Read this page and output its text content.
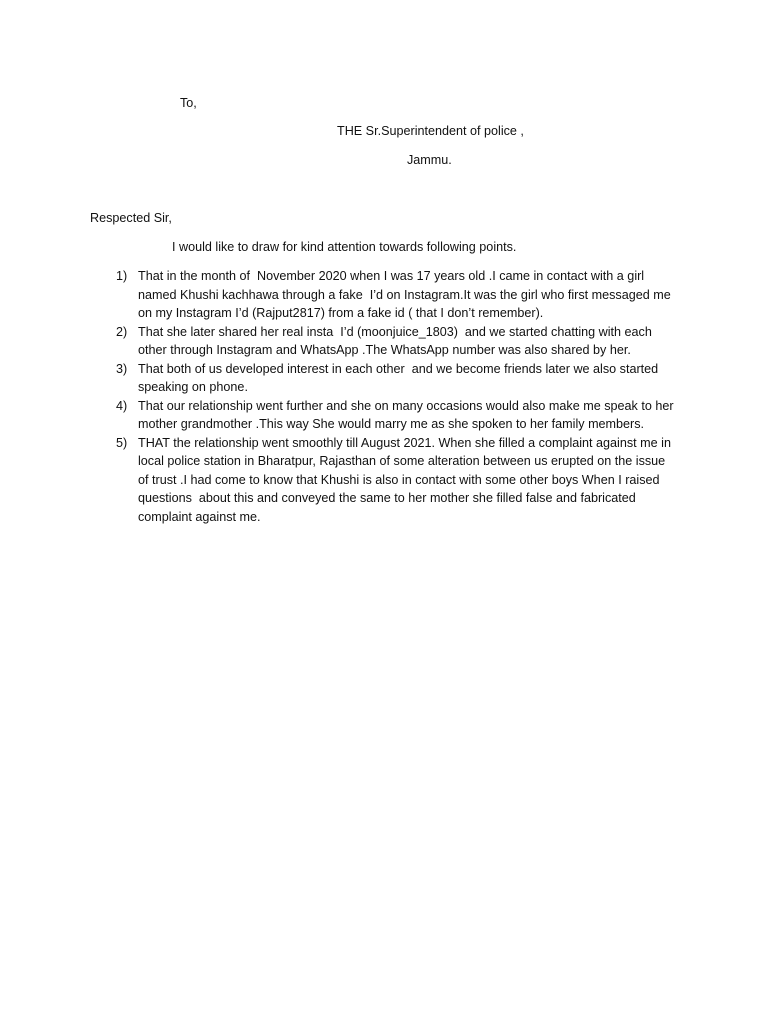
To,

THE Sr.Superintendent of police ,

Jammu.

Respected Sir,

I would like to draw for kind attention towards following points.

1) That in the month of  November 2020 when I was 17 years old .I came in contact with a girl
named Khushi kachhawa through a fake  I’d on Instagram.It was the girl who first messaged me
on my Instagram I’d (Rajput2817) from a fake id ( that I don’t remember).
2) That she later shared her real insta  I’d (moonjuice_1803)  and we started chatting with each
other through Instagram and WhatsApp .The WhatsApp number was also shared by her.
3) That both of us developed interest in each other  and we become friends later we also started
speaking on phone.
4) That our relationship went further and she on many occasions would also make me speak to her
mother grandmother .This way She would marry me as she spoken to her family members.
5) THAT the relationship went smoothly till August 2021. When she filled a complaint against me in
local police station in Bharatpur, Rajasthan of some alteration between us erupted on the issue
of trust .I had come to know that Khushi is also in contact with some other boys When I raised
questions  about this and conveyed the same to her mother she filled false and fabricated
complaint against me.
